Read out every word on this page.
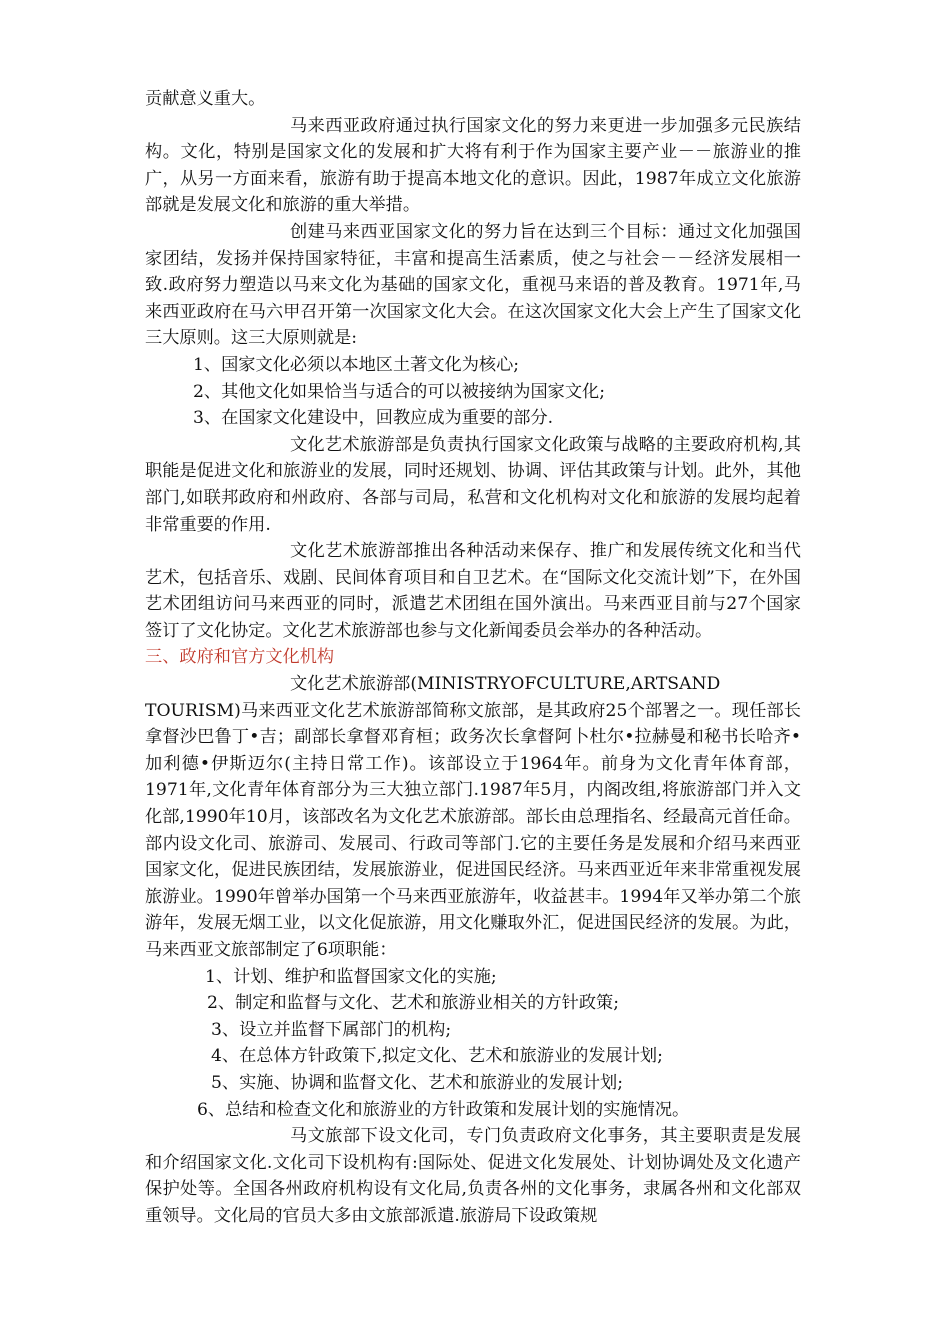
贡献意义重大。

马来西亚政府通过执行国家文化的努力来更进一步加强多元民族结构。文化，特别是国家文化的发展和扩大将有利于作为国家主要产业－－旅游业的推广，从另一方面来看，旅游有助于提高本地文化的意识。因此，1987年成立文化旅游部就是发展文化和旅游的重大举措。

创建马来西亚国家文化的努力旨在达到三个目标：通过文化加强国家团结，发扬并保持国家特征，丰富和提高生活素质，使之与社会－－经济发展相一致.政府努力塑造以马来文化为基础的国家文化，重视马来语的普及教育。1971年,马来西亚政府在马六甲召开第一次国家文化大会。在这次国家文化大会上产生了国家文化三大原则。这三大原则就是:

1、国家文化必须以本地区土著文化为核心;

2、其他文化如果恰当与适合的可以被接纳为国家文化;

3、在国家文化建设中，回教应成为重要的部分.

文化艺术旅游部是负责执行国家文化政策与战略的主要政府机构,其职能是促进文化和旅游业的发展，同时还规划、协调、评估其政策与计划。此外，其他部门,如联邦政府和州政府、各部与司局，私营和文化机构对文化和旅游的发展均起着非常重要的作用.

文化艺术旅游部推出各种活动来保存、推广和发展传统文化和当代艺术，包括音乐、戏剧、民间体育项目和自卫艺术。在“国际文化交流计划”下，在外国艺术团组访问马来西亚的同时，派遣艺术团组在国外演出。马来西亚目前与27个国家签订了文化协定。文化艺术旅游部也参与文化新闻委员会举办的各种活动。

三、政府和官方文化机构

文化艺术旅游部(MINISTRYOFCULTURE,ARTSAND

TOURISM)马来西亚文化艺术旅游部简称文旅部，是其政府25个部署之一。现任部长拿督沙巴鲁丁•吉；副部长拿督邓育桓；政务次长拿督阿卜杜尔•拉赫曼和秘书长哈齐•加利德•伊斯迈尔(主持日常工作)。该部设立于1964年。前身为文化青年体育部，1971年,文化青年体育部分为三大独立部门.1987年5月，内阁改组,将旅游部门并入文化部,1990年10月，该部改名为文化艺术旅游部。部长由总理指名、经最高元首任命。部内设文化司、旅游司、发展司、行政司等部门.它的主要任务是发展和介绍马来西亚国家文化，促进民族团结，发展旅游业，促进国民经济。马来西亚近年来非常重视发展旅游业。1990年曾举办国第一个马来西亚旅游年，收益甚丰。1994年又举办第二个旅游年，发展无烟工业，以文化促旅游，用文化赚取外汇，促进国民经济的发展。为此，马来西亚文旅部制定了6项职能：

1、计划、维护和监督国家文化的实施;

2、制定和监督与文化、艺术和旅游业相关的方针政策;

3、设立并监督下属部门的机构;

4、在总体方针政策下,拟定文化、艺术和旅游业的发展计划;

5、实施、协调和监督文化、艺术和旅游业的发展计划;

6、总结和检查文化和旅游业的方针政策和发展计划的实施情况。

马文旅部下设文化司，专门负责政府文化事务，其主要职责是发展和介绍国家文化.文化司下设机构有:国际处、促进文化发展处、计划协调处及文化遗产保护处等。全国各州政府机构设有文化局,负责各州的文化事务，隶属各州和文化部双重领导。文化局的官员大多由文旅部派遣.旅游局下设政策规
